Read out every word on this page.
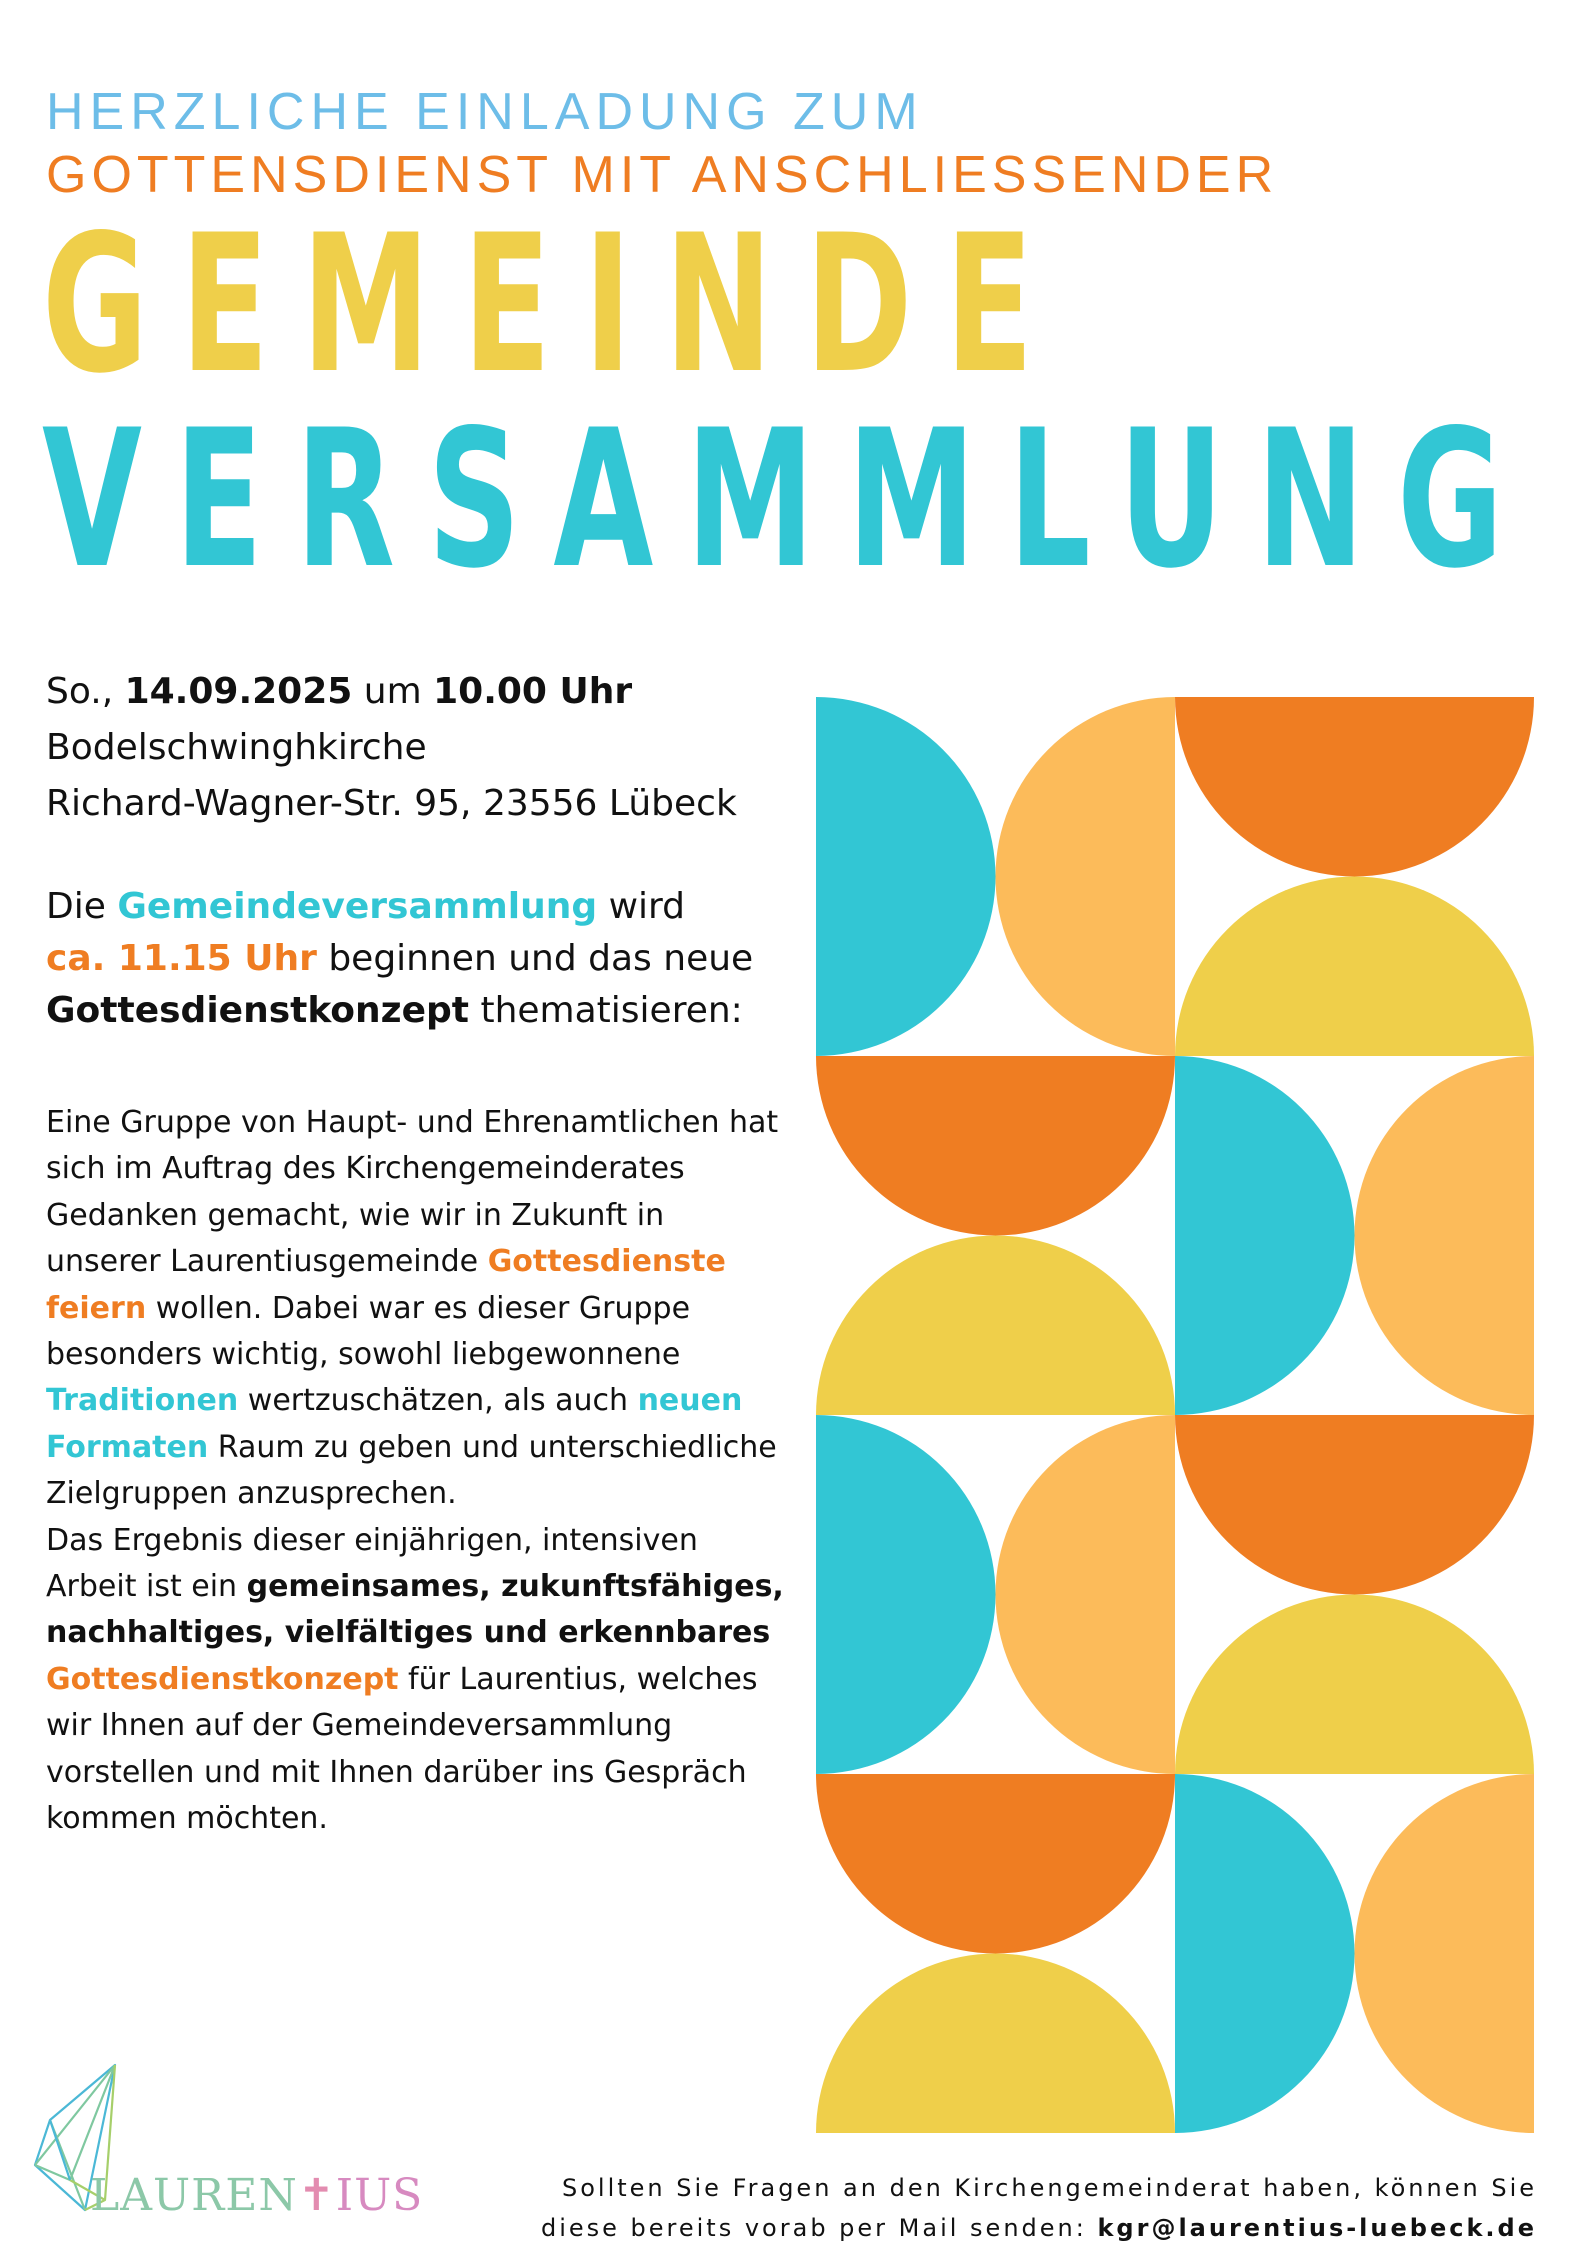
HERZLICHE EINLADUNG ZUM
GOTTENSDIENST MIT ANSCHLIESSENDER
GEMEINDE
VERSAMMLUNG
So., 14.09.2025 um 10.00 Uhr
Bodelschwinghkirche
Richard-Wagner-Str. 95, 23556 Lübeck
Die Gemeindeversammlung wird
ca. 11.15 Uhr beginnen und das neue
Gottesdienstkonzept thematisieren:
Eine Gruppe von Haupt- und Ehrenamtlichen hat sich im Auftrag des Kirchengemeinderates Gedanken gemacht, wie wir in Zukunft in unserer Laurentiusgemeinde Gottesdienste feiern wollen. Dabei war es dieser Gruppe besonders wichtig, sowohl liebgewonnene Traditionen wertzuschätzen, als auch neuen Formaten Raum zu geben und unterschiedliche Zielgruppen anzusprechen.
Das Ergebnis dieser einjährigen, intensiven Arbeit ist ein gemeinsames, zukunftsfähiges, nachhaltiges, vielfältiges und erkennbares
Gottesdienstkonzept für Laurentius, welches wir Ihnen auf der Gemeindeversammlung vorstellen und mit Ihnen darüber ins Gespräch kommen möchten.
LAUREN✝IUS	Sollten Sie Fragen an den Kirchengemeinderat haben, können Sie
diese bereits vorab per Mail senden: kgr@laurentius-luebeck.de
